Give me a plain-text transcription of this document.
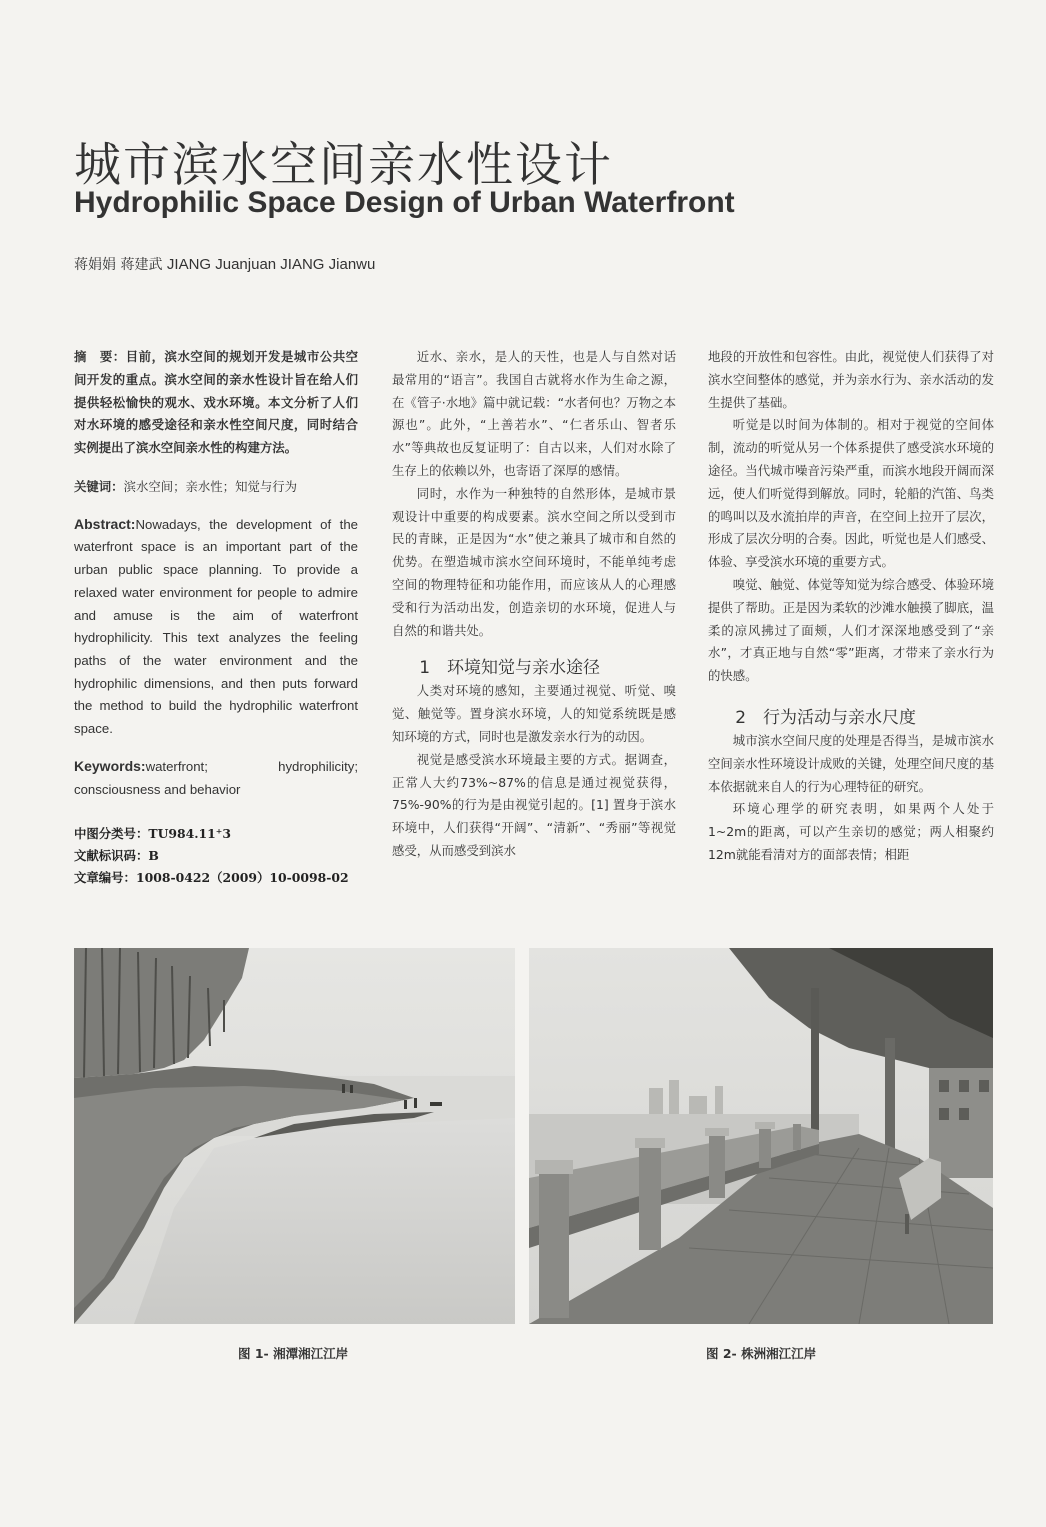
城市滨水空间亲水性设计
Hydrophilic Space Design of Urban Waterfront
蒋娟娟 蒋建武 JIANG Juanjuan JIANG Jianwu

摘　要：目前，滨水空间的规划开发是城市公共空间开发的重点。滨水空间的亲水性设计旨在给人们提供轻松愉快的观水、戏水环境。本文分析了人们对水环境的感受途径和亲水性空间尺度，同时结合实例提出了滨水空间亲水性的构建方法。

关键词：滨水空间；亲水性；知觉与行为

Abstract:Nowadays, the development of the waterfront space is an important part of the urban public space planning. To provide a relaxed water environment for people to admire and amuse is the aim of waterfront hydrophilicity. This text analyzes the feeling paths of the water environment and the hydrophilic dimensions, and then puts forward the method to build the hydrophilic waterfront space.

Keywords:waterfront; hydrophilicity; consciousness and behavior

中图分类号：TU984.11⁺3
文献标识码：B
文章编号：1008-0422（2009）10-0098-02

近水、亲水，是人的天性，也是人与自然对话最常用的“语言”。我国自古就将水作为生命之源，在《管子·水地》篇中就记载：“水者何也？万物之本源也”。此外，“上善若水”、“仁者乐山、智者乐水”等典故也反复证明了：自古以来，人们对水除了生存上的依赖以外，也寄语了深厚的感情。

同时，水作为一种独特的自然形体，是城市景观设计中重要的构成要素。滨水空间之所以受到市民的青睐，正是因为“水”使之兼具了城市和自然的优势。在塑造城市滨水空间环境时，不能单纯考虑空间的物理特征和功能作用，而应该从人的心理感受和行为活动出发，创造亲切的水环境，促进人与自然的和谐共处。

1　环境知觉与亲水途径

人类对环境的感知，主要通过视觉、听觉、嗅觉、触觉等。置身滨水环境，人的知觉系统既是感知环境的方式，同时也是激发亲水行为的动因。

视觉是感受滨水环境最主要的方式。据调查，正常人大约73%~87%的信息是通过视觉获得，75%-90%的行为是由视觉引起的。[1] 置身于滨水环境中，人们获得“开阔”、“清新”、“秀丽”等视觉感受，从而感受到滨水

地段的开放性和包容性。由此，视觉使人们获得了对滨水空间整体的感觉，并为亲水行为、亲水活动的发生提供了基础。

听觉是以时间为体制的。相对于视觉的空间体制，流动的听觉从另一个体系提供了感受滨水环境的途径。当代城市噪音污染严重，而滨水地段开阔而深远，使人们听觉得到解放。同时，轮船的汽笛、鸟类的鸣叫以及水流拍岸的声音，在空间上拉开了层次，形成了层次分明的合奏。因此，听觉也是人们感受、体验、享受滨水环境的重要方式。

嗅觉、触觉、体觉等知觉为综合感受、体验环境提供了帮助。正是因为柔软的沙滩水触摸了脚底，温柔的凉风拂过了面颊，人们才深深地感受到了“亲水”，才真正地与自然“零”距离，才带来了亲水行为的快感。

2　行为活动与亲水尺度

城市滨水空间尺度的处理是否得当，是城市滨水空间亲水性环境设计成败的关键，处理空间尺度的基本依据就来自人的行为心理特征的研究。

环境心理学的研究表明，如果两个人处于1~2m的距离，可以产生亲切的感觉；两人相聚约12m就能看清对方的面部表情；相距

图 1- 湘潭湘江江岸	图 2- 株洲湘江江岸
